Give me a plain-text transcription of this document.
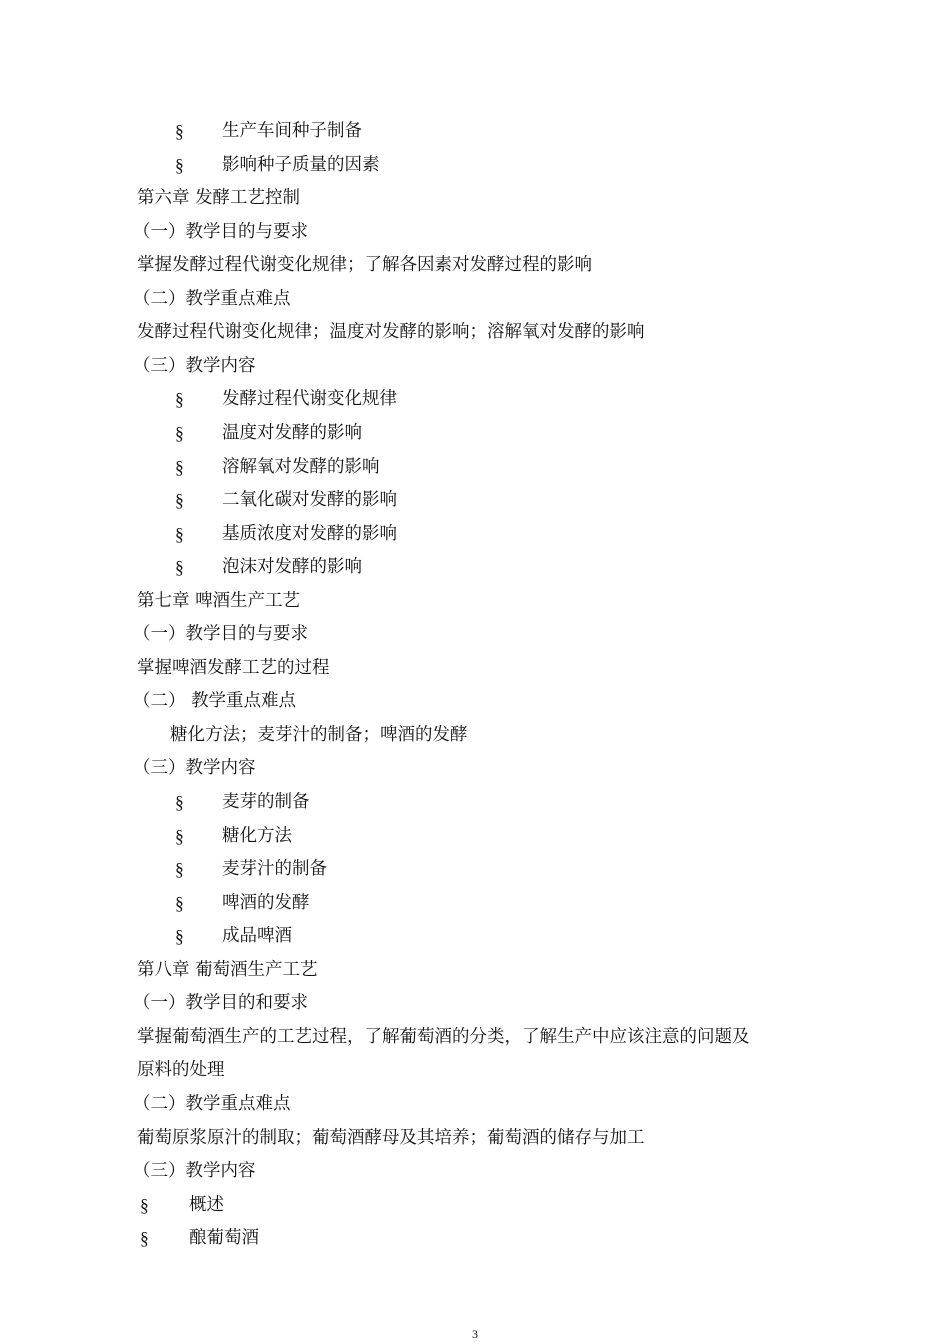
§ 生产车间种子制备
§ 影响种子质量的因素
第六章 发酵工艺控制
（一）教学目的与要求
掌握发酵过程代谢变化规律；了解各因素对发酵过程的影响
（二）教学重点难点
发酵过程代谢变化规律；温度对发酵的影响；溶解氧对发酵的影响
（三）教学内容
§ 发酵过程代谢变化规律
§ 温度对发酵的影响
§ 溶解氧对发酵的影响
§ 二氧化碳对发酵的影响
§ 基质浓度对发酵的影响
§ 泡沫对发酵的影响
第七章 啤酒生产工艺
（一）教学目的与要求
掌握啤酒发酵工艺的过程
（二） 教学重点难点
糖化方法；麦芽汁的制备；啤酒的发酵
（三）教学内容
§ 麦芽的制备
§ 糖化方法
§ 麦芽汁的制备
§ 啤酒的发酵
§ 成品啤酒
第八章 葡萄酒生产工艺
（一）教学目的和要求
掌握葡萄酒生产的工艺过程，了解葡萄酒的分类，了解生产中应该注意的问题及
原料的处理
（二）教学重点难点
葡萄原浆原汁的制取；葡萄酒酵母及其培养；葡萄酒的储存与加工
（三）教学内容
§ 概述
§ 酿葡萄酒
3
